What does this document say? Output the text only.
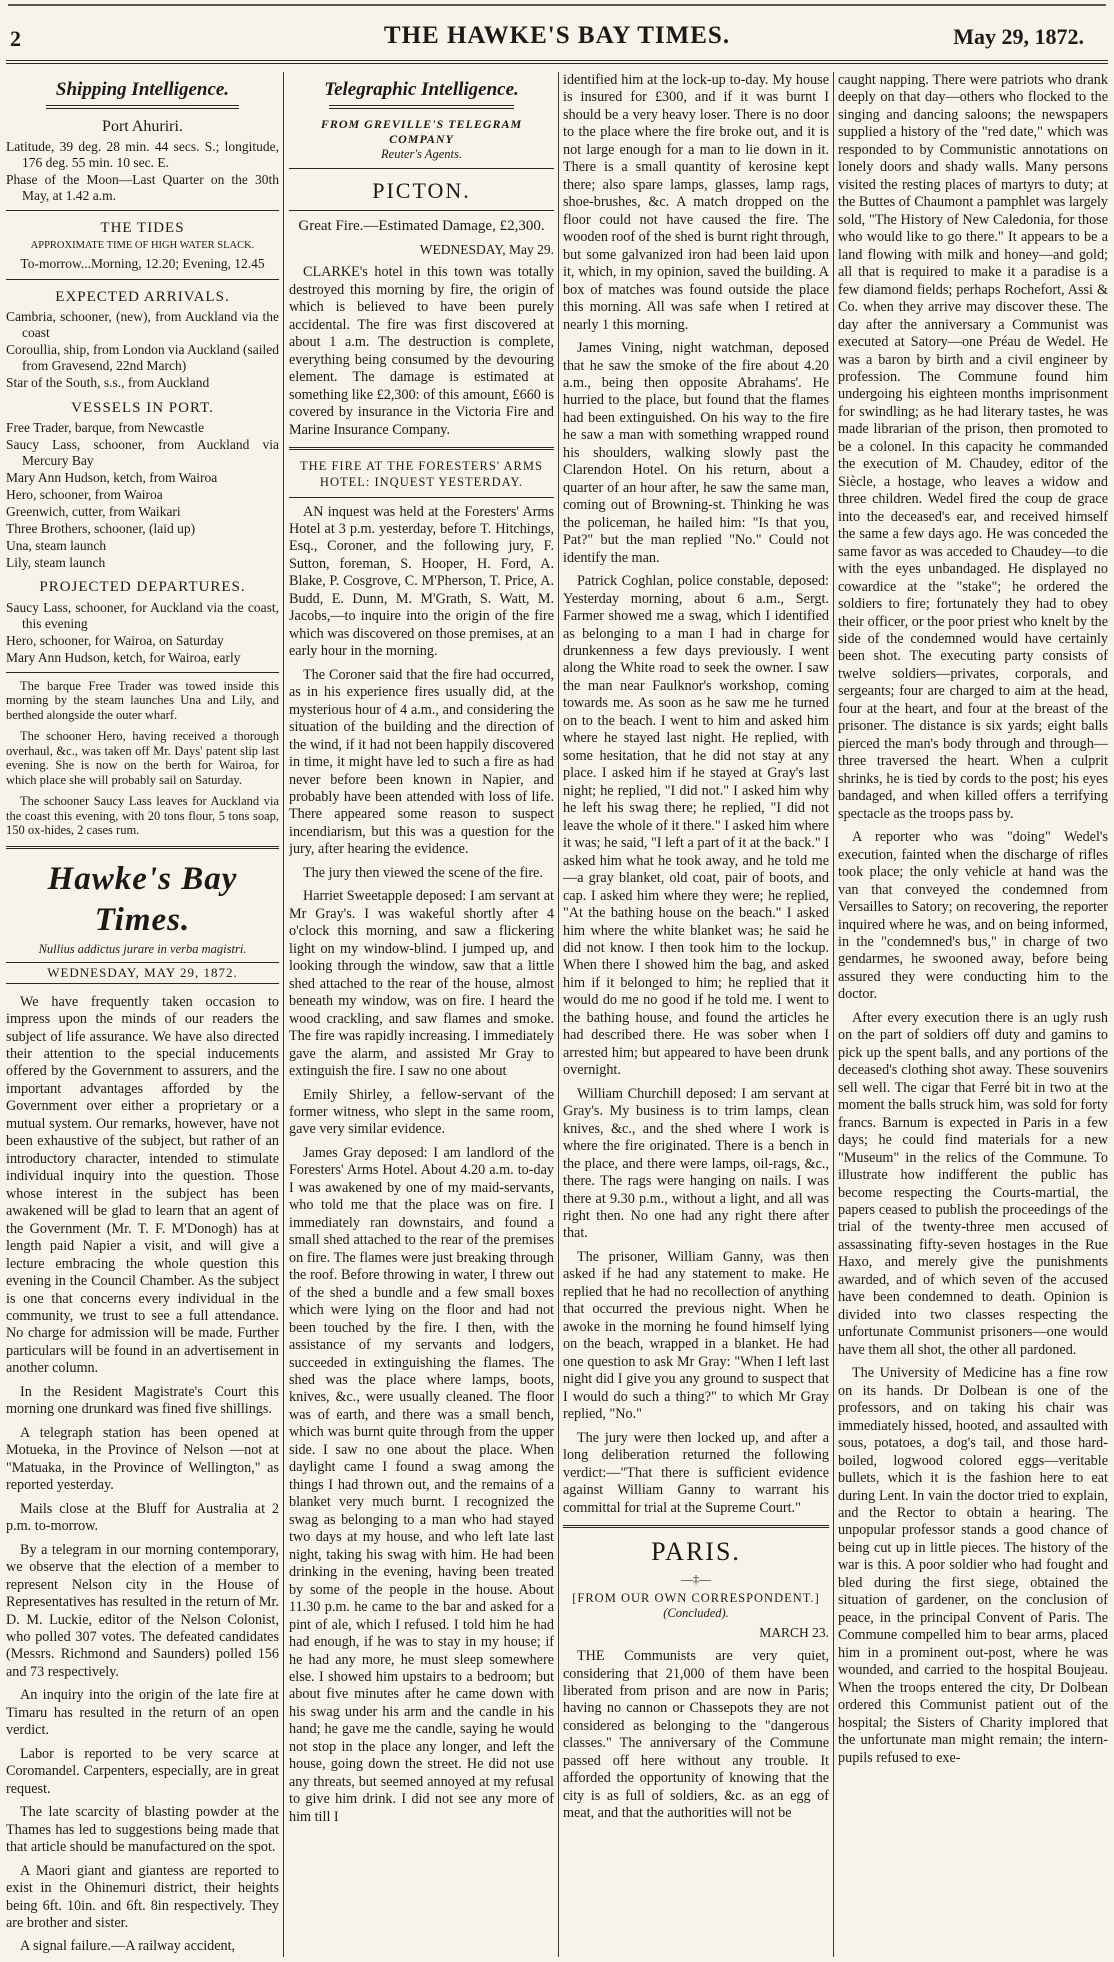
2	THE HAWKE'S BAY TIMES.	May 29, 1872.
Shipping Intelligence.
Port Ahuriri.

Latitude, 39 deg. 28 min. 44 secs. S.; longitude, 176 deg. 55 min. 10 sec. E.

Phase of the Moon—Last Quarter on the 30th May, at 1.42 a.m.

THE TIDES
APPROXIMATE TIME OF HIGH WATER SLACK.

To-morrow...Morning, 12.20; Evening, 12.45

EXPECTED ARRIVALS.

Cambria, schooner, (new), from Auckland via the coast

Coroullia, ship, from London via Auckland (sailed from Gravesend, 22nd March)

Star of the South, s.s., from Auckland

VESSELS IN PORT.

Free Trader, barque, from Newcastle

Saucy Lass, schooner, from Auckland via Mercury Bay

Mary Ann Hudson, ketch, from Wairoa

Hero, schooner, from Wairoa

Greenwich, cutter, from Waikari

Three Brothers, schooner, (laid up)

Una, steam launch

Lily, steam launch

PROJECTED DEPARTURES.

Saucy Lass, schooner, for Auckland via the coast, this evening

Hero, schooner, for Wairoa, on Saturday

Mary Ann Hudson, ketch, for Wairoa, early

The barque Free Trader was towed inside this morning by the steam launches Una and Lily, and berthed alongside the outer wharf.

The schooner Hero, having received a thorough overhaul, &c., was taken off Mr. Days' patent slip last evening. She is now on the berth for Wairoa, for which place she will probably sail on Saturday.

The schooner Saucy Lass leaves for Auckland via the coast this evening, with 20 tons flour, 5 tons soap, 150 ox-hides, 2 cases rum.

Hawke's Bay Times.
Nullius addictus jurare in verba magistri.
WEDNESDAY, MAY 29, 1872.

We have frequently taken occasion to impress upon the minds of our readers the subject of life assurance. We have also directed their attention to the special inducements offered by the Government to assurers, and the important advantages afforded by the Government over either a proprietary or a mutual system. Our remarks, however, have not been exhaustive of the subject, but rather of an introductory character, intended to stimulate individual inquiry into the question. Those whose interest in the subject has been awakened will be glad to learn that an agent of the Government (Mr. T. F. M'Donogh) has at length paid Napier a visit, and will give a lecture embracing the whole question this evening in the Council Chamber. As the subject is one that concerns every individual in the community, we trust to see a full attendance. No charge for admission will be made. Further particulars will be found in an advertisement in another column.

In the Resident Magistrate's Court this morning one drunkard was fined five shillings.

A telegraph station has been opened at Motueka, in the Province of Nelson —not at "Matuaka, in the Province of Wellington," as reported yesterday.

Mails close at the Bluff for Australia at 2 p.m. to-morrow.

By a telegram in our morning contemporary, we observe that the election of a member to represent Nelson city in the House of Representatives has resulted in the return of Mr. D. M. Luckie, editor of the Nelson Colonist, who polled 307 votes. The defeated candidates (Messrs. Richmond and Saunders) polled 156 and 73 respectively.

An inquiry into the origin of the late fire at Timaru has resulted in the return of an open verdict.

Labor is reported to be very scarce at Coromandel. Carpenters, especially, are in great request.

The late scarcity of blasting powder at the Thames has led to suggestions being made that that article should be manufactured on the spot.

A Maori giant and giantess are reported to exist in the Ohinemuri district, their heights being 6ft. 10in. and 6ft. 8in respectively. They are brother and sister.

A signal failure.—A railway accident,

Telegraphic Intelligence.
FROM GREVILLE'S TELEGRAM COMPANY
Reuter's Agents.
PICTON.

Great Fire.—Estimated Damage, £2,300.

WEDNESDAY, May 29.

CLARKE's hotel in this town was totally destroyed this morning by fire, the origin of which is believed to have been purely accidental. The fire was first discovered at about 1 a.m. The destruction is complete, everything being consumed by the devouring element. The damage is estimated at something like £2,300: of this amount, £660 is covered by insurance in the Victoria Fire and Marine Insurance Company.

THE FIRE AT THE FORESTERS' ARMS HOTEL: INQUEST YESTERDAY.

AN inquest was held at the Foresters' Arms Hotel at 3 p.m. yesterday, before T. Hitchings, Esq., Coroner, and the following jury, F. Sutton, foreman, S. Hooper, H. Ford, A. Blake, P. Cosgrove, C. M'Pherson, T. Price, A. Budd, E. Dunn, M. M'Grath, S. Watt, M. Jacobs,—to inquire into the origin of the fire which was discovered on those premises, at an early hour in the morning.

The Coroner said that the fire had occurred, as in his experience fires usually did, at the mysterious hour of 4 a.m., and considering the situation of the building and the direction of the wind, if it had not been happily discovered in time, it might have led to such a fire as had never before been known in Napier, and probably have been attended with loss of life. There appeared some reason to suspect incendiarism, but this was a question for the jury, after hearing the evidence.

The jury then viewed the scene of the fire.

Harriet Sweetapple deposed: I am servant at Mr Gray's. I was wakeful shortly after 4 o'clock this morning, and saw a flickering light on my window-blind. I jumped up, and looking through the window, saw that a little shed attached to the rear of the house, almost beneath my window, was on fire. I heard the wood crackling, and saw flames and smoke. The fire was rapidly increasing. I immediately gave the alarm, and assisted Mr Gray to extinguish the fire. I saw no one about

Emily Shirley, a fellow-servant of the former witness, who slept in the same room, gave very similar evidence.

James Gray deposed: I am landlord of the Foresters' Arms Hotel. About 4.20 a.m. to-day I was awakened by one of my maid-servants, who told me that the place was on fire. I immediately ran downstairs, and found a small shed attached to the rear of the premises on fire. The flames were just breaking through the roof. Before throwing in water, I threw out of the shed a bundle and a few small boxes which were lying on the floor and had not been touched by the fire. I then, with the assistance of my servants and lodgers, succeeded in extinguishing the flames. The shed was the place where lamps, boots, knives, &c., were usually cleaned. The floor was of earth, and there was a small bench, which was burnt quite through from the upper side. I saw no one about the place. When daylight came I found a swag among the things I had thrown out, and the remains of a blanket very much burnt. I recognized the swag as belonging to a man who had stayed two days at my house, and who left late last night, taking his swag with him. He had been drinking in the evening, having been treated by some of the people in the house. About 11.30 p.m. he came to the bar and asked for a pint of ale, which I refused. I told him he had had enough, if he was to stay in my house; if he had any more, he must sleep somewhere else. I showed him upstairs to a bedroom; but about five minutes after he came down with his swag under his arm and the candle in his hand; he gave me the candle, saying he would not stop in the place any longer, and left the house, going down the street. He did not use any threats, but seemed annoyed at my refusal to give him drink. I did not see any more of him till I

identified him at the lock-up to-day. My house is insured for £300, and if it was burnt I should be a very heavy loser. There is no door to the place where the fire broke out, and it is not large enough for a man to lie down in it. There is a small quantity of kerosine kept there; also spare lamps, glasses, lamp rags, shoe-brushes, &c. A match dropped on the floor could not have caused the fire. The wooden roof of the shed is burnt right through, but some galvanized iron had been laid upon it, which, in my opinion, saved the building. A box of matches was found outside the place this morning. All was safe when I retired at nearly 1 this morning.

James Vining, night watchman, deposed that he saw the smoke of the fire about 4.20 a.m., being then opposite Abrahams'. He hurried to the place, but found that the flames had been extinguished. On his way to the fire he saw a man with something wrapped round his shoulders, walking slowly past the Clarendon Hotel. On his return, about a quarter of an hour after, he saw the same man, coming out of Browning-st. Thinking he was the policeman, he hailed him: "Is that you, Pat?" but the man replied "No." Could not identify the man.

Patrick Coghlan, police constable, deposed: Yesterday morning, about 6 a.m., Sergt. Farmer showed me a swag, which I identified as belonging to a man I had in charge for drunkenness a few days previously. I went along the White road to seek the owner. I saw the man near Faulknor's workshop, coming towards me. As soon as he saw me he turned on to the beach. I went to him and asked him where he stayed last night. He replied, with some hesitation, that he did not stay at any place. I asked him if he stayed at Gray's last night; he replied, "I did not." I asked him why he left his swag there; he replied, "I did not leave the whole of it there." I asked him where it was; he said, "I left a part of it at the back." I asked him what he took away, and he told me—a gray blanket, old coat, pair of boots, and cap. I asked him where they were; he replied, "At the bathing house on the beach." I asked him where the white blanket was; he said he did not know. I then took him to the lockup. When there I showed him the bag, and asked him if it belonged to him; he replied that it would do me no good if he told me. I went to the bathing house, and found the articles he had described there. He was sober when I arrested him; but appeared to have been drunk overnight.

William Churchill deposed: I am servant at Gray's. My business is to trim lamps, clean knives, &c., and the shed where I work is where the fire originated. There is a bench in the place, and there were lamps, oil-rags, &c., there. The rags were hanging on nails. I was there at 9.30 p.m., without a light, and all was right then. No one had any right there after that.

The prisoner, William Ganny, was then asked if he had any statement to make. He replied that he had no recollection of anything that occurred the previous night. When he awoke in the morning he found himself lying on the beach, wrapped in a blanket. He had one question to ask Mr Gray: "When I left last night did I give you any ground to suspect that I would do such a thing?" to which Mr Gray replied, "No."

The jury were then locked up, and after a long deliberation returned the following verdict:—"That there is sufficient evidence against William Ganny to warrant his committal for trial at the Supreme Court."

PARIS.
—‡—
[FROM OUR OWN CORRESPONDENT.]
(Concluded).

MARCH 23.

THE Communists are very quiet, considering that 21,000 of them have been liberated from prison and are now in Paris; having no cannon or Chassepots they are not considered as belonging to the "dangerous classes." The anniversary of the Commune passed off here without any trouble. It afforded the opportunity of knowing that the city is as full of soldiers, &c. as an egg of meat, and that the authorities will not be

caught napping. There were patriots who drank deeply on that day—others who flocked to the singing and dancing saloons; the newspapers supplied a history of the "red date," which was responded to by Communistic annotations on lonely doors and shady walls. Many persons visited the resting places of martyrs to duty; at the Buttes of Chaumont a pamphlet was largely sold, "The History of New Caledonia, for those who would like to go there." It appears to be a land flowing with milk and honey—and gold; all that is required to make it a paradise is a few diamond fields; perhaps Rochefort, Assi & Co. when they arrive may discover these. The day after the anniversary a Communist was executed at Satory—one Préau de Wedel. He was a baron by birth and a civil engineer by profession. The Commune found him undergoing his eighteen months imprisonment for swindling; as he had literary tastes, he was made librarian of the prison, then promoted to be a colonel. In this capacity he commanded the execution of M. Chaudey, editor of the Siècle, a hostage, who leaves a widow and three children. Wedel fired the coup de grace into the deceased's ear, and received himself the same a few days ago. He was conceded the same favor as was acceded to Chaudey—to die with the eyes unbandaged. He displayed no cowardice at the "stake"; he ordered the soldiers to fire; fortunately they had to obey their officer, or the poor priest who knelt by the side of the condemned would have certainly been shot. The executing party consists of twelve soldiers—privates, corporals, and sergeants; four are charged to aim at the head, four at the heart, and four at the breast of the prisoner. The distance is six yards; eight balls pierced the man's body through and through—three traversed the heart. When a culprit shrinks, he is tied by cords to the post; his eyes bandaged, and when killed offers a terrifying spectacle as the troops pass by.

A reporter who was "doing" Wedel's execution, fainted when the discharge of rifles took place; the only vehicle at hand was the van that conveyed the condemned from Versailles to Satory; on recovering, the reporter inquired where he was, and on being informed, in the "condemned's bus," in charge of two gendarmes, he swooned away, before being assured they were conducting him to the doctor.

After every execution there is an ugly rush on the part of soldiers off duty and gamins to pick up the spent balls, and any portions of the deceased's clothing shot away. These souvenirs sell well. The cigar that Ferré bit in two at the moment the balls struck him, was sold for forty francs. Barnum is expected in Paris in a few days; he could find materials for a new "Museum" in the relics of the Commune. To illustrate how indifferent the public has become respecting the Courts-martial, the papers ceased to publish the proceedings of the trial of the twenty-three men accused of assassinating fifty-seven hostages in the Rue Haxo, and merely give the punishments awarded, and of which seven of the accused have been condemned to death. Opinion is divided into two classes respecting the unfortunate Communist prisoners—one would have them all shot, the other all pardoned.

The University of Medicine has a fine row on its hands. Dr Dolbean is one of the professors, and on taking his chair was immediately hissed, hooted, and assaulted with sous, potatoes, a dog's tail, and those hard-boiled, logwood colored eggs—veritable bullets, which it is the fashion here to eat during Lent. In vain the doctor tried to explain, and the Rector to obtain a hearing. The unpopular professor stands a good chance of being cut up in little pieces. The history of the war is this. A poor soldier who had fought and bled during the first siege, obtained the situation of gardener, on the conclusion of peace, in the principal Convent of Paris. The Commune compelled him to bear arms, placed him in a prominent out-post, where he was wounded, and carried to the hospital Boujeau. When the troops entered the city, Dr Dolbean ordered this Communist patient out of the hospital; the Sisters of Charity implored that the unfortunate man might remain; the intern-pupils refused to exe-
